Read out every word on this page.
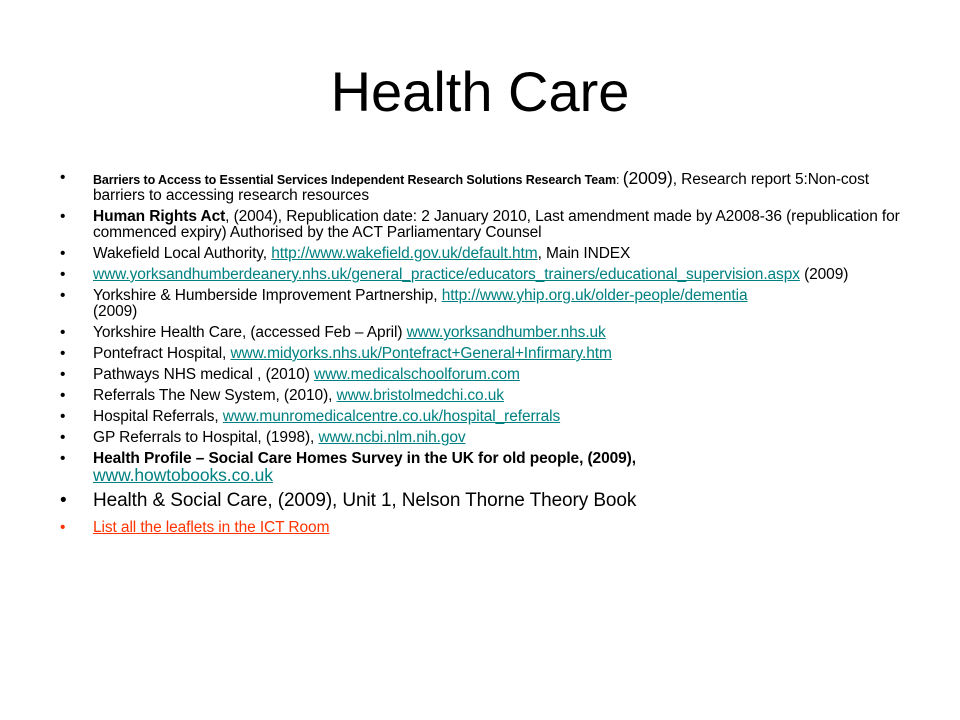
Health Care
• Barriers to Access to Essential Services Independent Research Solutions Research Team: (2009), Research report 5:Non-cost barriers to accessing research resources
• Human Rights Act, (2004), Republication date: 2 January 2010, Last amendment made by A2008-36 (republication for commenced expiry) Authorised by the ACT Parliamentary Counsel
• Wakefield Local Authority, http://www.wakefield.gov.uk/default.htm, Main INDEX
• www.yorksandhumberdeanery.nhs.uk/general_practice/educators_trainers/educational_supervision.aspx (2009)
• Yorkshire & Humberside Improvement Partnership, http://www.yhip.org.uk/older-people/dementia
(2009)
• Yorkshire Health Care, (accessed Feb – April) www.yorksandhumber.nhs.uk
• Pontefract Hospital, www.midyorks.nhs.uk/Pontefract+General+Infirmary.htm
• Pathways NHS medical , (2010) www.medicalschoolforum.com
• Referrals The New System, (2010), www.bristolmedchi.co.uk
• Hospital Referrals, www.munromedicalcentre.co.uk/hospital_referrals
• GP Referrals to Hospital, (1998), www.ncbi.nlm.nih.gov
• Health Profile – Social Care Homes Survey in the UK for old people, (2009),
www.howtobooks.co.uk
• Health & Social Care, (2009), Unit 1, Nelson Thorne Theory Book
• List all the leaflets in the ICT Room
